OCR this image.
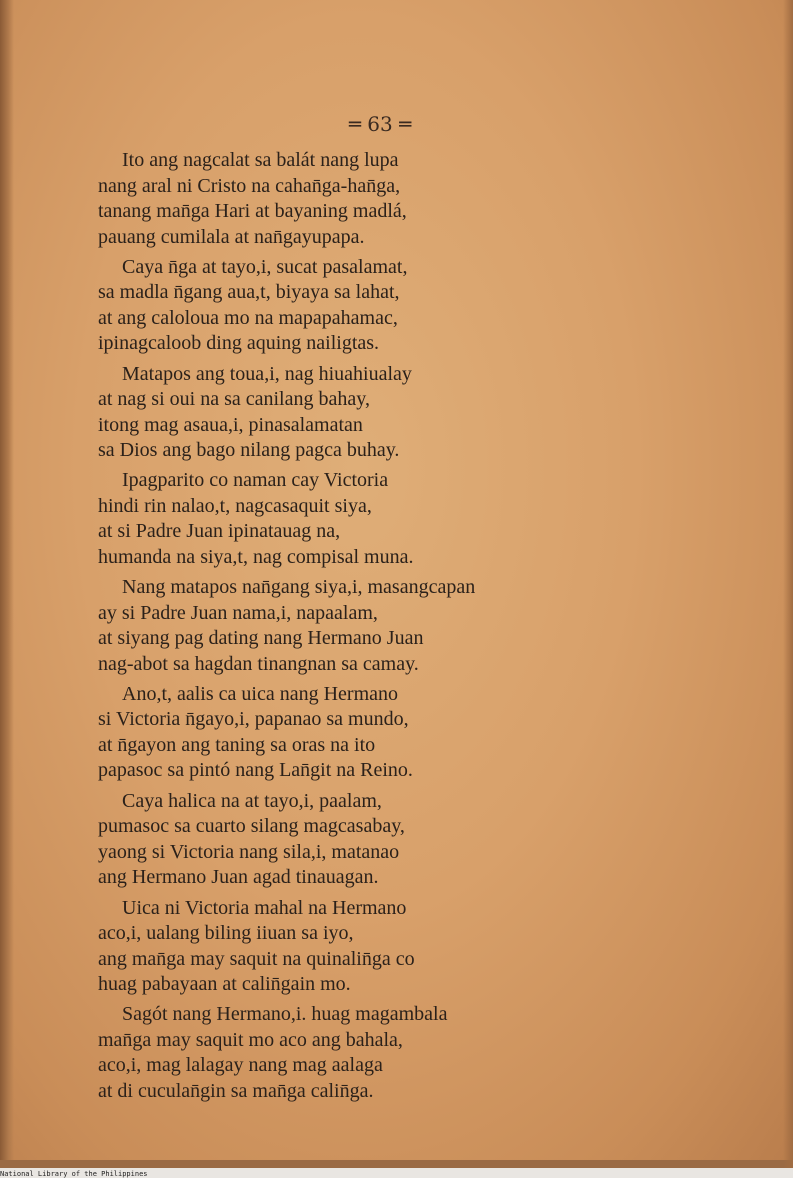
═ 63 ═
Ito ang nagcalat sa balát nang lupa
nang aral ni Cristo na cahan̄ga-han̄ga,
tanang man̄ga Hari at bayaning madlá,
pauang cumilala at nan̄gayupapa.
Caya n̄ga at tayo,i, sucat pasalamat,
sa madla n̄gang aua,t, biyaya sa lahat,
at ang caloloua mo na mapapahamac,
ipinagcaloob ding aquing nailigtas.
Matapos ang toua,i, nag hiuahiualay
at nag si oui na sa canilang bahay,
itong mag asaua,i, pinasalamatan
sa Dios ang bago nilang pagca buhay.
Ipagparito co naman cay Victoria
hindi rin nalao,t, nagcasaquit siya,
at si Padre Juan ipinatauag na,
humanda na siya,t, nag compisal muna.
Nang matapos nan̄gang siya,i, masangcapan
ay si Padre Juan nama,i, napaalam,
at siyang pag dating nang Hermano Juan
nag-abot sa hagdan tinangnan sa camay.
Ano,t, aalis ca uica nang Hermano
si Victoria n̄gayo,i, papanao sa mundo,
at n̄gayon ang taning sa oras na ito
papasoc sa pintó nang Lan̄git na Reino.
Caya halica na at tayo,i, paalam,
pumasoc sa cuarto silang magcasabay,
yaong si Victoria nang sila,i, matanao
ang Hermano Juan agad tinauagan.
Uica ni Victoria mahal na Hermano
aco,i, ualang biling iiuan sa iyo,
ang man̄ga may saquit na quinalin̄ga co
huag pabayaan at calin̄gain mo.
Sagót nang Hermano,i. huag magambala
man̄ga may saquit mo aco ang bahala,
aco,i, mag lalagay nang mag aalaga
at di cuculan̄gin sa man̄ga calin̄ga.
National Library of the Philippines
